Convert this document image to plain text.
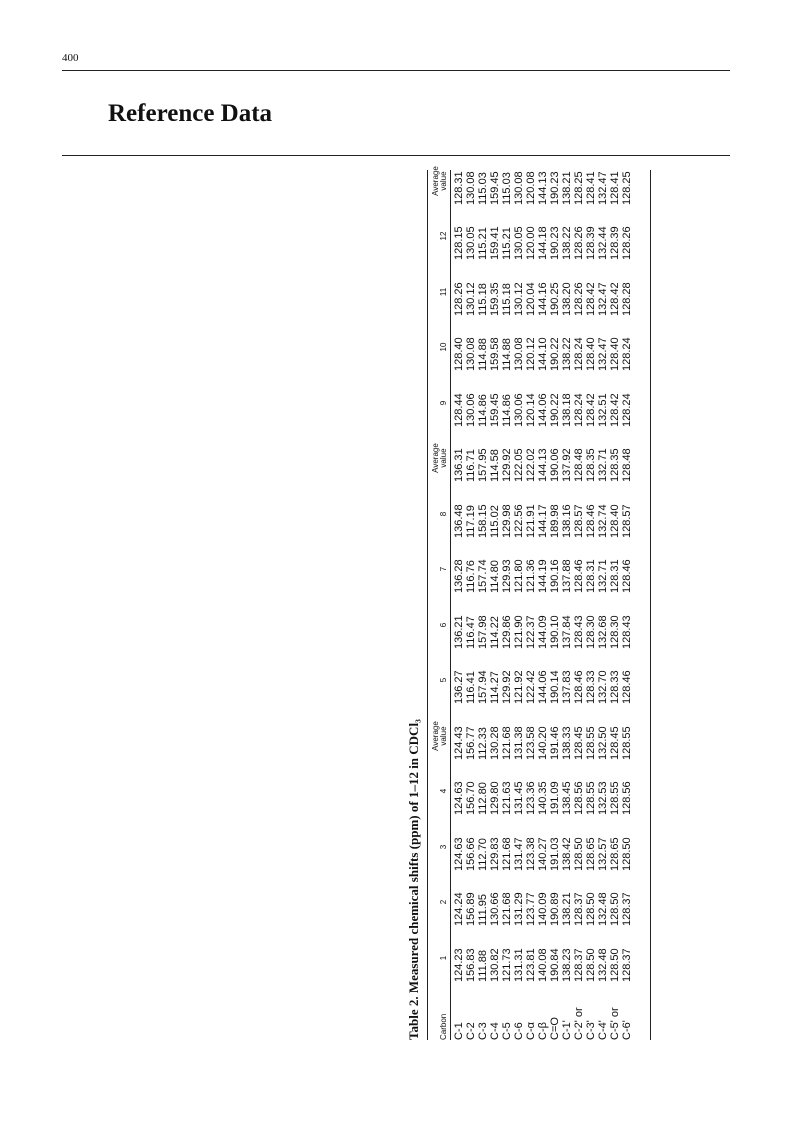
400
Reference Data
Table 2. Measured chemical shifts (ppm) of 1–12 in CDCl₃	Carbon
1
2
3
4
Average
value
5
6
7
8
Average
value
9
10
11
12
Average
value
C-1
124.23
124.24
124.63
124.63
124.43
136.27
136.21
136.28
136.48
136.31
128.44
128.40
128.26
128.15
128.31
C-2
156.83
156.89
156.66
156.70
156.77
116.41
116.47
116.76
117.19
116.71
130.06
130.08
130.12
130.05
130.08
C-3
111.88
111.95
112.70
112.80
112.33
157.94
157.98
157.74
158.15
157.95
114.86
114.88
115.18
115.21
115.03
C-4
130.82
130.66
129.83
129.80
130.28
114.27
114.22
114.80
115.02
114.58
159.45
159.58
159.35
159.41
159.45
C-5
121.73
121.68
121.68
121.63
121.68
129.92
129.86
129.93
129.98
129.92
114.86
114.88
115.18
115.21
115.03
C-6
131.31
131.29
131.47
131.45
131.38
121.92
121.90
121.80
122.56
122.05
130.06
130.08
130.12
130.05
130.08
C-α
123.81
123.77
123.38
123.36
123.58
122.42
122.37
121.36
121.91
122.02
120.14
120.12
120.04
120.00
120.08
C-β
140.08
140.09
140.27
140.35
140.20
144.06
144.09
144.19
144.17
144.13
144.06
144.10
144.16
144.18
144.13
C=O
190.84
190.89
191.03
191.09
191.46
190.14
190.10
190.16
189.98
190.06
190.22
190.22
190.25
190.23
190.23
C-1'
138.23
138.21
138.42
138.45
138.33
137.83
137.84
137.88
138.16
137.92
138.18
138.22
138.20
138.22
138.21
C-2' or
128.37
128.37
128.50
128.56
128.45
128.46
128.43
128.46
128.57
128.48
128.24
128.24
128.26
128.26
128.25
C-3'
128.50
128.50
128.65
128.55
128.55
128.33
128.30
128.31
128.46
128.35
128.42
128.40
128.42
128.39
128.41
C-4'
132.48
132.48
132.57
132.53
132.50
132.70
132.68
132.71
132.74
132.71
132.51
132.47
132.47
132.44
132.47
C-5' or
128.50
128.50
128.65
128.55
128.45
128.33
128.30
128.31
128.40
128.35
128.42
128.40
128.42
128.39
128.41
C-6'
128.37
128.37
128.50
128.56
128.55
128.46
128.43
128.46
128.57
128.48
128.24
128.24
128.28
128.26
128.25
